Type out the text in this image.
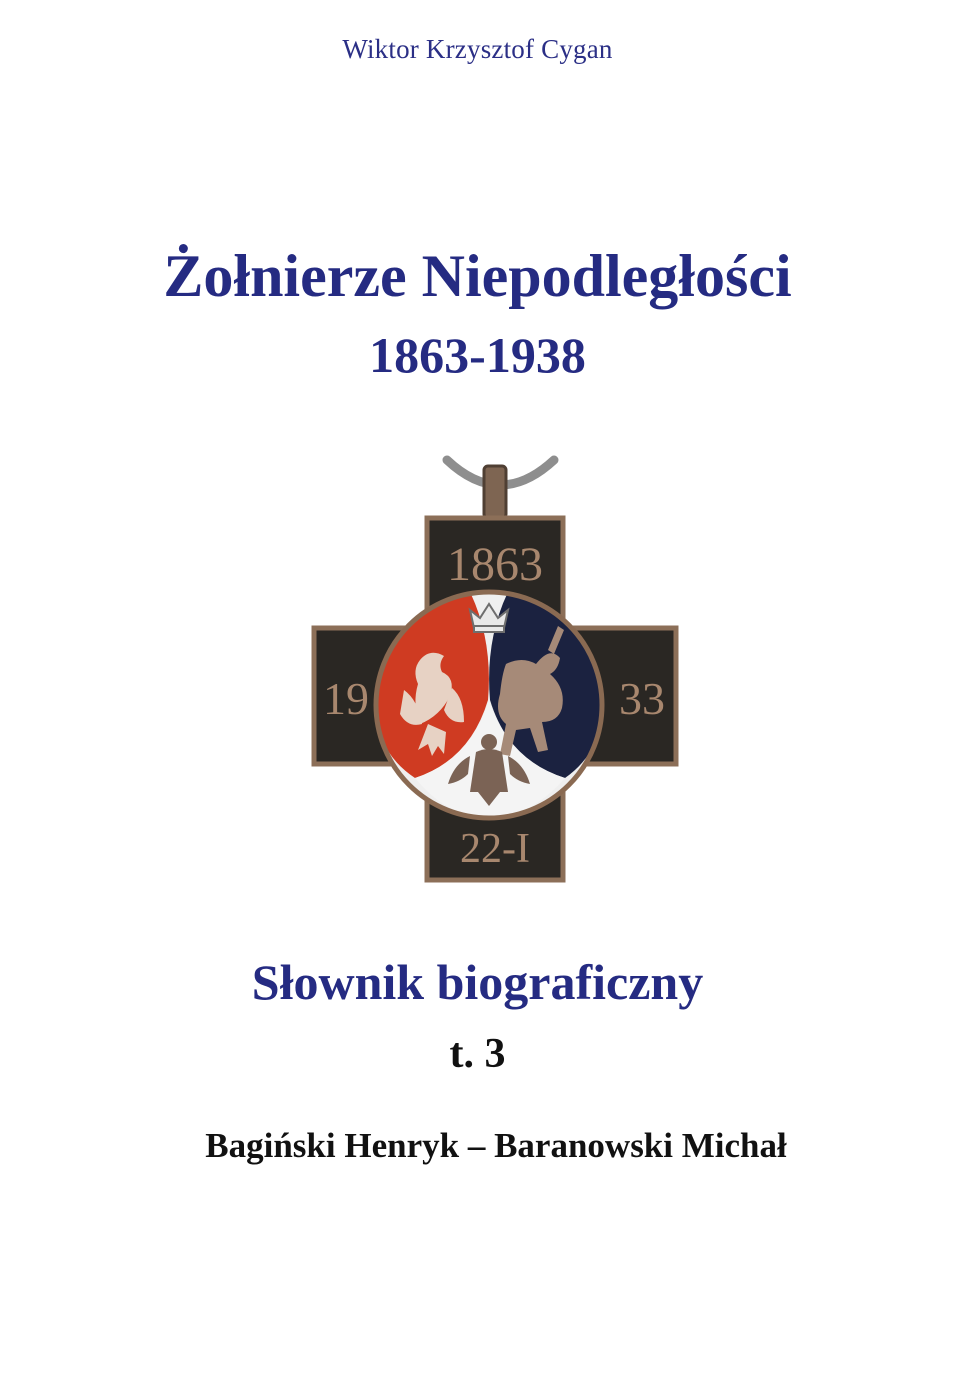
Wiktor Krzysztof Cygan
Żołnierze Niepodległości
1863-1938
1863
19	33
22-I
Słownik biograficzny
t. 3
Bagiński Henryk – Baranowski Michał
